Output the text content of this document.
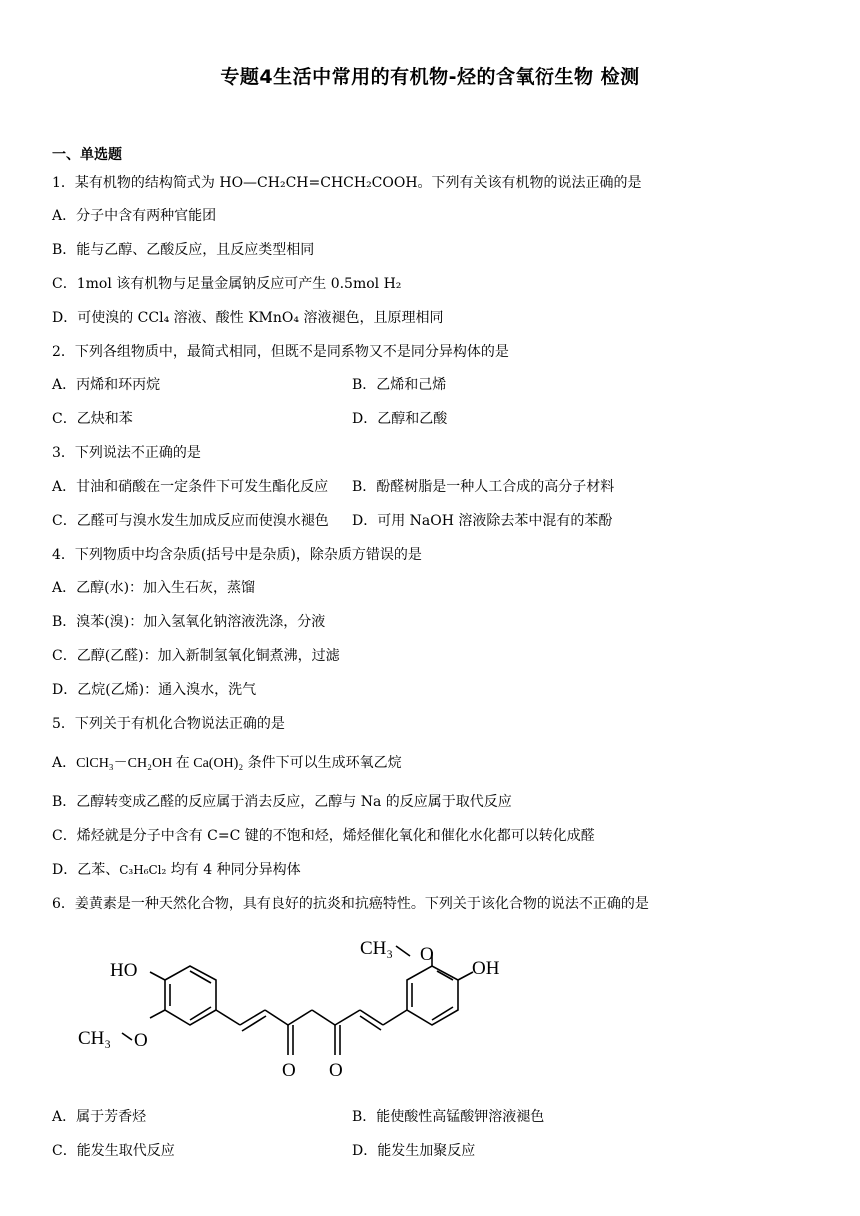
专题4生活中常用的有机物-烃的含氧衍生物 检测
一、单选题
1．某有机物的结构简式为 HO—CH₂CH=CHCH₂COOH。下列有关该有机物的说法正确的是
A．分子中含有两种官能团
B．能与乙醇、乙酸反应，且反应类型相同
C．1mol 该有机物与足量金属钠反应可产生 0.5mol H₂
D．可使溴的 CCl₄ 溶液、酸性 KMnO₄ 溶液褪色，且原理相同
2．下列各组物质中，最简式相同，但既不是同系物又不是同分异构体的是
A．丙烯和环丙烷	B．乙烯和己烯
C．乙炔和苯	D．乙醇和乙酸
3．下列说法不正确的是
A．甘油和硝酸在一定条件下可发生酯化反应 B．酚醛树脂是一种人工合成的高分子材料
C．乙醛可与溴水发生加成反应而使溴水褪色 D．可用 NaOH 溶液除去苯中混有的苯酚
4．下列物质中均含杂质(括号中是杂质)，除杂质方错误的是
A．乙醇(水)：加入生石灰，蒸馏
B．溴苯(溴)：加入氢氧化钠溶液洗涤，分液
C．乙醇(乙醛)：加入新制氢氧化铜煮沸，过滤
D．乙烷(乙烯)：通入溴水，洗气
5．下列关于有机化合物说法正确的是
A．ClCH₃－CH₂OH 在 Ca(OH)₂ 条件下可以生成环氧乙烷
B．乙醇转变成乙醛的反应属于消去反应，乙醇与 Na 的反应属于取代反应
C．烯烃就是分子中含有 C=C 键的不饱和烃，烯烃催化氧化和催化水化都可以转化成醛
D．乙苯、C₃H₆Cl₂ 均有 4 种同分异构体
6．姜黄素是一种天然化合物，具有良好的抗炎和抗癌特性。下列关于该化合物的说法不正确的是
HO
CH₃ O
O O
CH₃ O
OH
A．属于芳香烃	B．能使酸性高锰酸钾溶液褪色
C．能发生取代反应	D．能发生加聚反应
